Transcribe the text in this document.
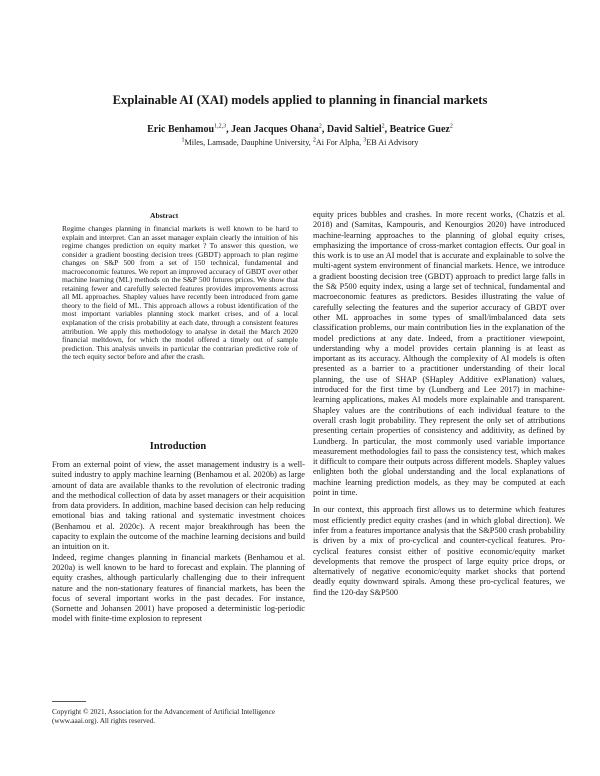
Explainable AI (XAI) models applied to planning in financial markets
Eric Benhamou$^{1,2,3}$, Jean Jacques Ohana$^2$, David Saltiel$^2$, Beatrice Guez$^2$
$^1$Miles, Lamsade, Dauphine University, $^2$Ai For Alpha, $^3$EB Ai Advisory
Abstract
Regime changes planning in financial markets is well known to be hard to explain and interpret. Can an asset manager explain clearly the intuition of his regime changes prediction on equity market ? To answer this question, we consider a gradient boosting decision trees (GBDT) approach to plan regime changes on S&P 500 from a set of 150 technical, fundamental and macroeconomic features. We report an improved accuracy of GBDT over other machine learning (ML) methods on the S&P 500 futures prices. We show that retaining fewer and carefully selected features provides improvements across all ML approaches. Shapley values have recently been introduced from game theory to the field of ML. This approach allows a robust identification of the most important variables planning stock market crises, and of a local explanation of the crisis probability at each date, through a consistent features attribution. We apply this methodology to analyse in detail the March 2020 financial meltdown, for which the model offered a timely out of sample prediction. This analysis unveils in particular the contrarian predictive role of the tech equity sector before and after the crash.
Introduction

From an external point of view, the asset management industry is a well-suited industry to apply machine learning (Benhamou et al. 2020b) as large amount of data are available thanks to the revolution of electronic trading and the methodical collection of data by asset managers or their acquisition from data providers. In addition, machine based decision can help reducing emotional bias and taking rational and systematic investment choices (Benhamou et al. 2020c). A recent major breakthrough has been the capacity to explain the outcome of the machine learning decisions and build an intuition on it.

Indeed, regime changes planning in financial markets (Benhamou et al. 2020a) is well known to be hard to forecast and explain. The planning of equity crashes, although particularly challenging due to their infrequent nature and the non-stationary features of financial markets, has been the focus of several important works in the past decades. For instance, (Sornette and Johansen 2001) have proposed a deterministic log-periodic model with finite-time explosion to represent

equity prices bubbles and crashes. In more recent works, (Chatzis et al. 2018) and (Samitas, Kampouris, and Kenourgios 2020) have introduced machine-learning approaches to the planning of global equity crises, emphasizing the importance of cross-market contagion effects. Our goal in this work is to use an AI model that is accurate and explainable to solve the multi-agent system environment of financial markets. Hence, we introduce a gradient boosting decision tree (GBDT) approach to predict large falls in the S& P500 equity index, using a large set of technical, fundamental and macroeconomic features as predictors. Besides illustrating the value of carefully selecting the features and the superior accuracy of GBDT over other ML approaches in some types of small/imbalanced data sets classification problems, our main contribution lies in the explanation of the model predictions at any date. Indeed, from a practitioner viewpoint, understanding why a model provides certain planning is at least as important as its accuracy. Although the complexity of AI models is often presented as a barrier to a practitioner understanding of their local planning, the use of SHAP (SHapley Additive exPlanation) values, introduced for the first time by (Lundberg and Lee 2017) in machine-learning applications, makes AI models more explainable and transparent. Shapley values are the contributions of each individual feature to the overall crash logit probability. They represent the only set of attributions presenting certain properties of consistency and additivity, as defined by Lundberg. In particular, the most commonly used variable importance measurement methodologies fail to pass the consistency test, which makes it difficult to compare their outputs across different models. Shapley values enlighten both the global understanding and the local explanations of machine learning prediction models, as they may be computed at each point in time.

In our context, this approach first allows us to determine which features most efficiently predict equity crashes (and in which global direction). We infer from a features importance analysis that the S&P500 crash probability is driven by a mix of pro-cyclical and counter-cyclical features. Pro-cyclical features consist either of positive economic/equity market developments that remove the prospect of large equity price drops, or alternatively of negative economic/equity market shocks that portend deadly equity downward spirals. Among these pro-cyclical features, we find the 120-day S&P500

Copyright © 2021, Association for the Advancement of Artificial Intelligence (www.aaai.org). All rights reserved.
